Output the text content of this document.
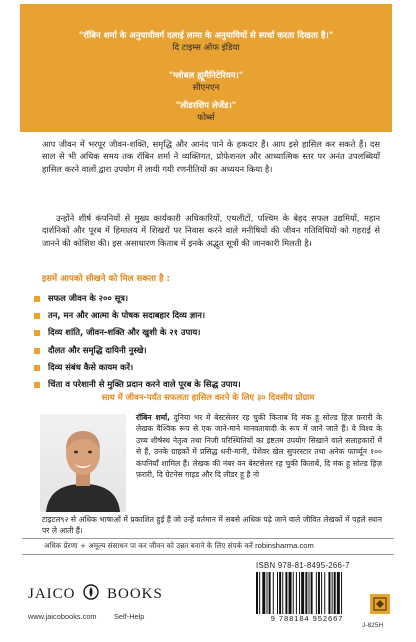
"रॉबिन शर्मा के अनुयायीवर्ग दलाई लामा के अनुयायियों से स्पर्धा करता दिखता है।"
दि टाइम्स ऑफ इंडिया
"ग्लोबल ह्यूमैनिटेरियन।"
सीएनएन
"लीडरशिप लेजेंड।"
फोर्ब्स

आप जीवन में भरपूर जीवन-शक्ति, समृद्धि और आनंद पाने के हकदार हैं। आप इसे हासिल कर सकते हैं। दस साल से भी अधिक समय तक रॉबिन शर्मा ने व्यक्तिगत, प्रोफेशनल और आध्यात्मिक स्तर पर अनंत उपलब्धियाँ हासिल करने वालों द्वारा उपयोग में लायी गयी रणनीतियों का अध्ययन किया है।

उन्होंने शीर्ष कंपनियों से मुख्य कार्यकारी अधिकारियों, एथलीटों, पश्चिम के बेहद सफल उद्यमियों, महान दार्शनिकों और पूरब में हिमालय में शिखरों पर निवास करने वाले मनीषियों की जीवन गतिविधियों को गहराई से जानने की कोशिश की। इस असाधारण किताब में इनके अद्भुत सूत्रों की जानकारी मिलती है।

इसमें आपको सीखने को मिल सकता है :
सफल जीवन के २०० सूत्र।
तन, मन और आत्मा के पोषक सदाबहार दिव्य ज्ञान।
दिव्य शांति, जीवन-शक्ति और खुशी के २१ उपाय।
दौलत और समृद्धि दायिनी नुस्खे।
दिव्य संबंध कैसे कायम करें।
चिंता व परेशानी से मुक्ति प्रदान करने वाले पूरब के सिद्ध उपाय।
साथ में जीवन-पर्यंत सफलता हासिल करने के लिए ३० दिवसीय प्रोग्राम

रॉबिन शर्मा, दुनिया भर में बेस्टसेलर रह चुकी किताब दि मंक हू सोल्ड हिज़ फ़रारी के लेखक वैश्विक रूप से एक जाने-माने मानवतावादी के रूप में जाने जाते हैं। वे विश्व के उच्च शीर्षस्थ नेतृत्व तथा निजी परिस्थितियों का इष्टतम उपयोग सिखाने वाले सलाहकारों में से हैं, उनके ग्राहकों में प्रसिद्ध धनी-मानी, पेशेवर खेल सुपरस्टार तथा अनेक फार्च्यून १०० कंपनियाँ शामिल हैं। लेखक की नंबर वन बेस्टसेलर रह चुकी किताबें, दि मंक हू सोल्ड हिज़ फ़रारी, दि ग्रेटनेस गाइड और दि लीडर हू है नो

टाइटल९२ से अधिक भाषाओं में प्रकाशित हुई हैं जो उन्हें वर्तमान में सबसे अधिक पढ़े जाने वाले जीवित लेखकों में पहले स्थान पर ले आती हैं।

अधिक प्रेरणा + अमूल्य संसाधन पा कर जीवन को उन्नत बनाने के लिए संपर्क करें robinsharma.com
JAICO BOOKS
www.jaicobooks.com Self-Help
ISBN 978-81-8495-266-7
9 788184 952667
J-825H
